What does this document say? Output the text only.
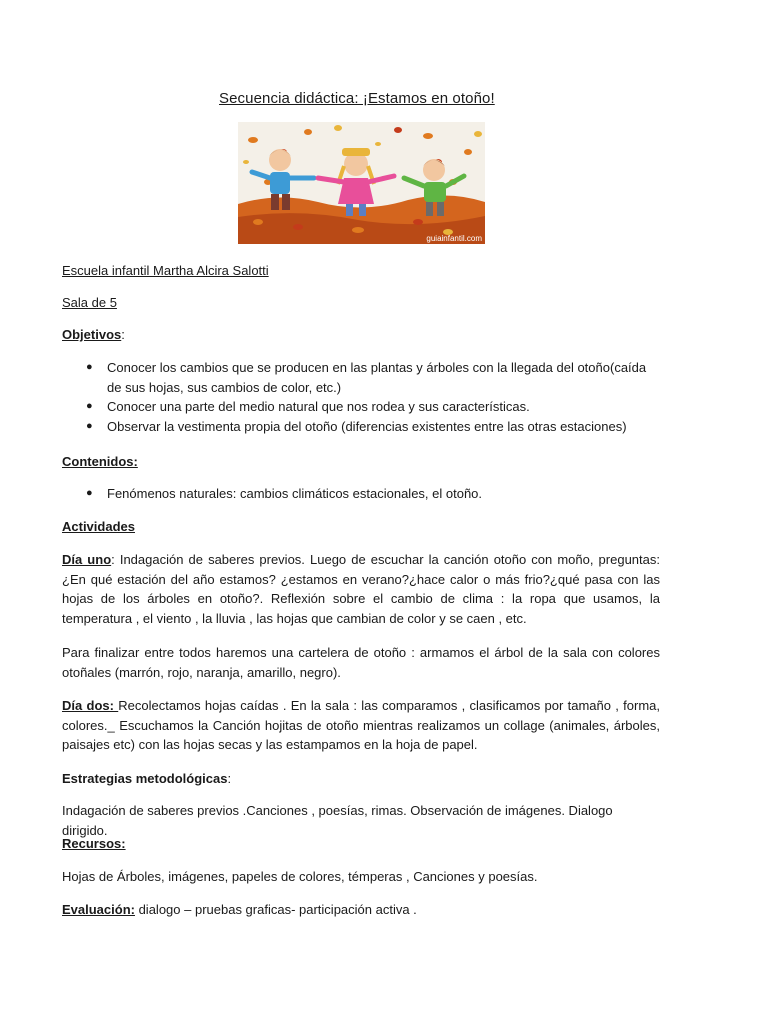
Secuencia didáctica: ¡Estamos en otoño!
guiainfantil.com
Escuela infantil Martha Alcira Salotti
Sala de 5
Objetivos:
● Conocer los cambios que se producen en las plantas y árboles con la llegada del otoño(caída de sus hojas, sus cambios de color, etc.)
● Conocer una parte del medio natural que nos rodea y sus características.
● Observar la vestimenta propia del otoño (diferencias existentes entre las otras estaciones)
Contenidos:
● Fenómenos naturales: cambios climáticos estacionales, el otoño.
Actividades
Día uno: Indagación de saberes previos. Luego de escuchar la canción otoño con moño, preguntas: ¿En qué estación del año estamos? ¿estamos en verano?¿hace calor o más frio?¿qué pasa con las hojas de los árboles en otoño?. Reflexión sobre el cambio de clima : la ropa que usamos, la temperatura , el viento , la lluvia , las hojas que cambian de color y se caen , etc.
Para finalizar entre todos haremos una cartelera de otoño : armamos el árbol de la sala con colores otoñales (marrón, rojo, naranja, amarillo, negro).
Día dos: Recolectamos hojas caídas . En la sala : las comparamos , clasificamos por tamaño , forma, colores._ Escuchamos la Canción hojitas de otoño mientras realizamos un collage (animales, árboles, paisajes etc) con las hojas secas y las estampamos en la hoja de papel.
Estrategias metodológicas:
Indagación de saberes previos .Canciones , poesías, rimas. Observación de imágenes. Dialogo dirigido.
Recursos:
Hojas de Árboles, imágenes, papeles de colores, témperas , Canciones y poesías.
Evaluación: dialogo – pruebas graficas- participación activa .
